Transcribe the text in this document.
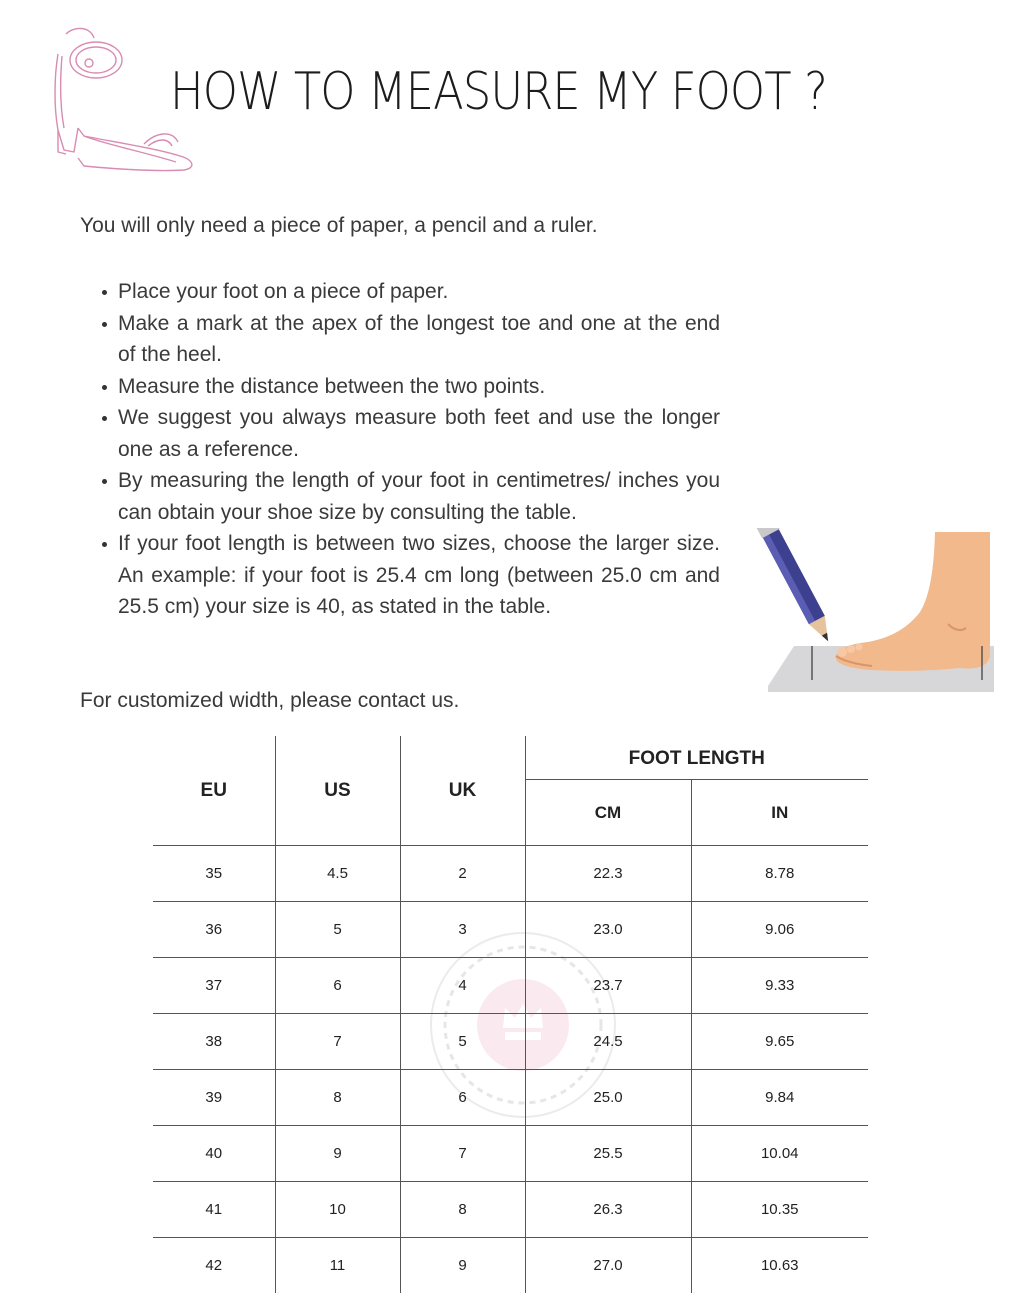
HOW TO MEASURE MY FOOT ?
You will only need a piece of paper, a pencil and a ruler.
Place your foot on a piece of paper.
Make a mark at the apex of the longest toe and one at the end of the heel.
Measure the distance between the two points.
We suggest you always measure both feet and use the longer one as a reference.
By measuring the length of your foot in centimetres/ inches you can obtain your shoe size by consulting the table.
If your foot length is between two sizes, choose the larger size. An example: if your foot is 25.4 cm long (between 25.0 cm and 25.5 cm) your size is 40, as stated in the table.
For customized width, please contact us.
EU	US	UK	FOOT LENGTH	
			CM	IN
35	4.5	2	22.3	8.78
36	5	3	23.0	9.06
37	6	4	23.7	9.33
38	7	5	24.5	9.65
39	8	6	25.0	9.84
40	9	7	25.5	10.04
41	10	8	26.3	10.35
42	11	9	27.0	10.63
